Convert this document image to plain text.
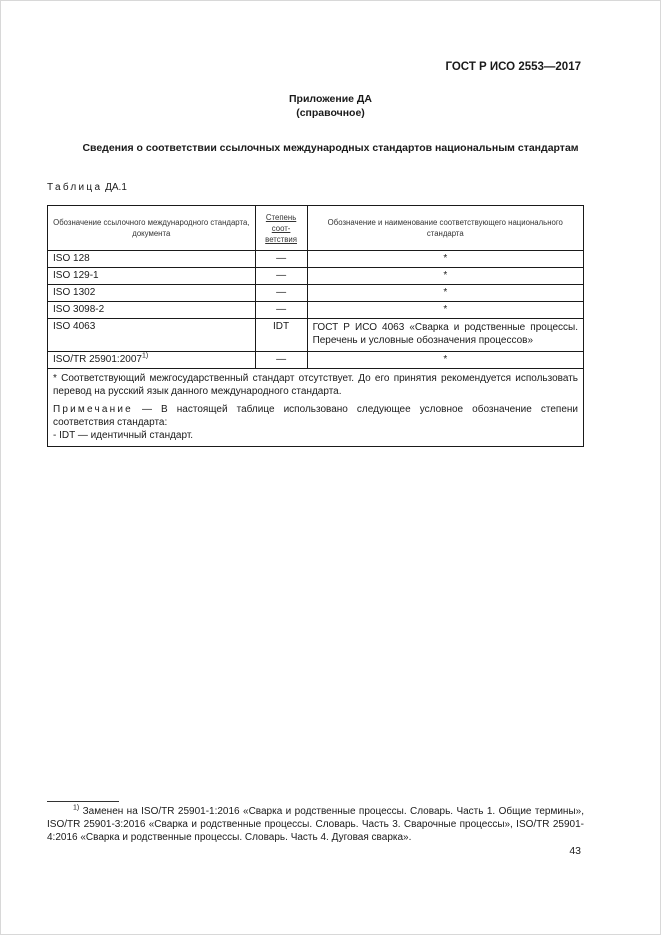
ГОСТ Р ИСО 2553—2017
Приложение ДА
(справочное)
Сведения о соответствии ссылочных международных стандартов национальным стандартам
Таблица ДА.1
Обозначение ссылочного международного стандарта, документа	Степень соот-ветствия	Обозначение и наименование соответствующего национального стандарта
ISO 128	—	*
ISO 129-1	—	*
ISO 1302	—	*
ISO 3098-2	—	*
ISO 4063	IDT	ГОСТ Р ИСО 4063 «Сварка и родственные процессы. Перечень и условные обозначения процессов»
ISO/TR 25901:2007$^{1)}$	—	*

* Соответствующий межгосударственный стандарт отсутствует. До его принятия рекомендуется использовать перевод на русский язык данного международного стандарта.

Примечание — В настоящей таблице использовано следующее условное обозначение степени соответствия стандарта:
- IDT — идентичный стандарт.		

$^{1)}$ Заменен на ISO/TR 25901-1:2016 «Сварка и родственные процессы. Словарь. Часть 1. Общие термины», ISO/TR 25901-3:2016 «Сварка и родственные процессы. Словарь. Часть 3. Сварочные процессы», ISO/TR 25901-4:2016 «Сварка и родственные процессы. Словарь. Часть 4. Дуговая сварка».
43
